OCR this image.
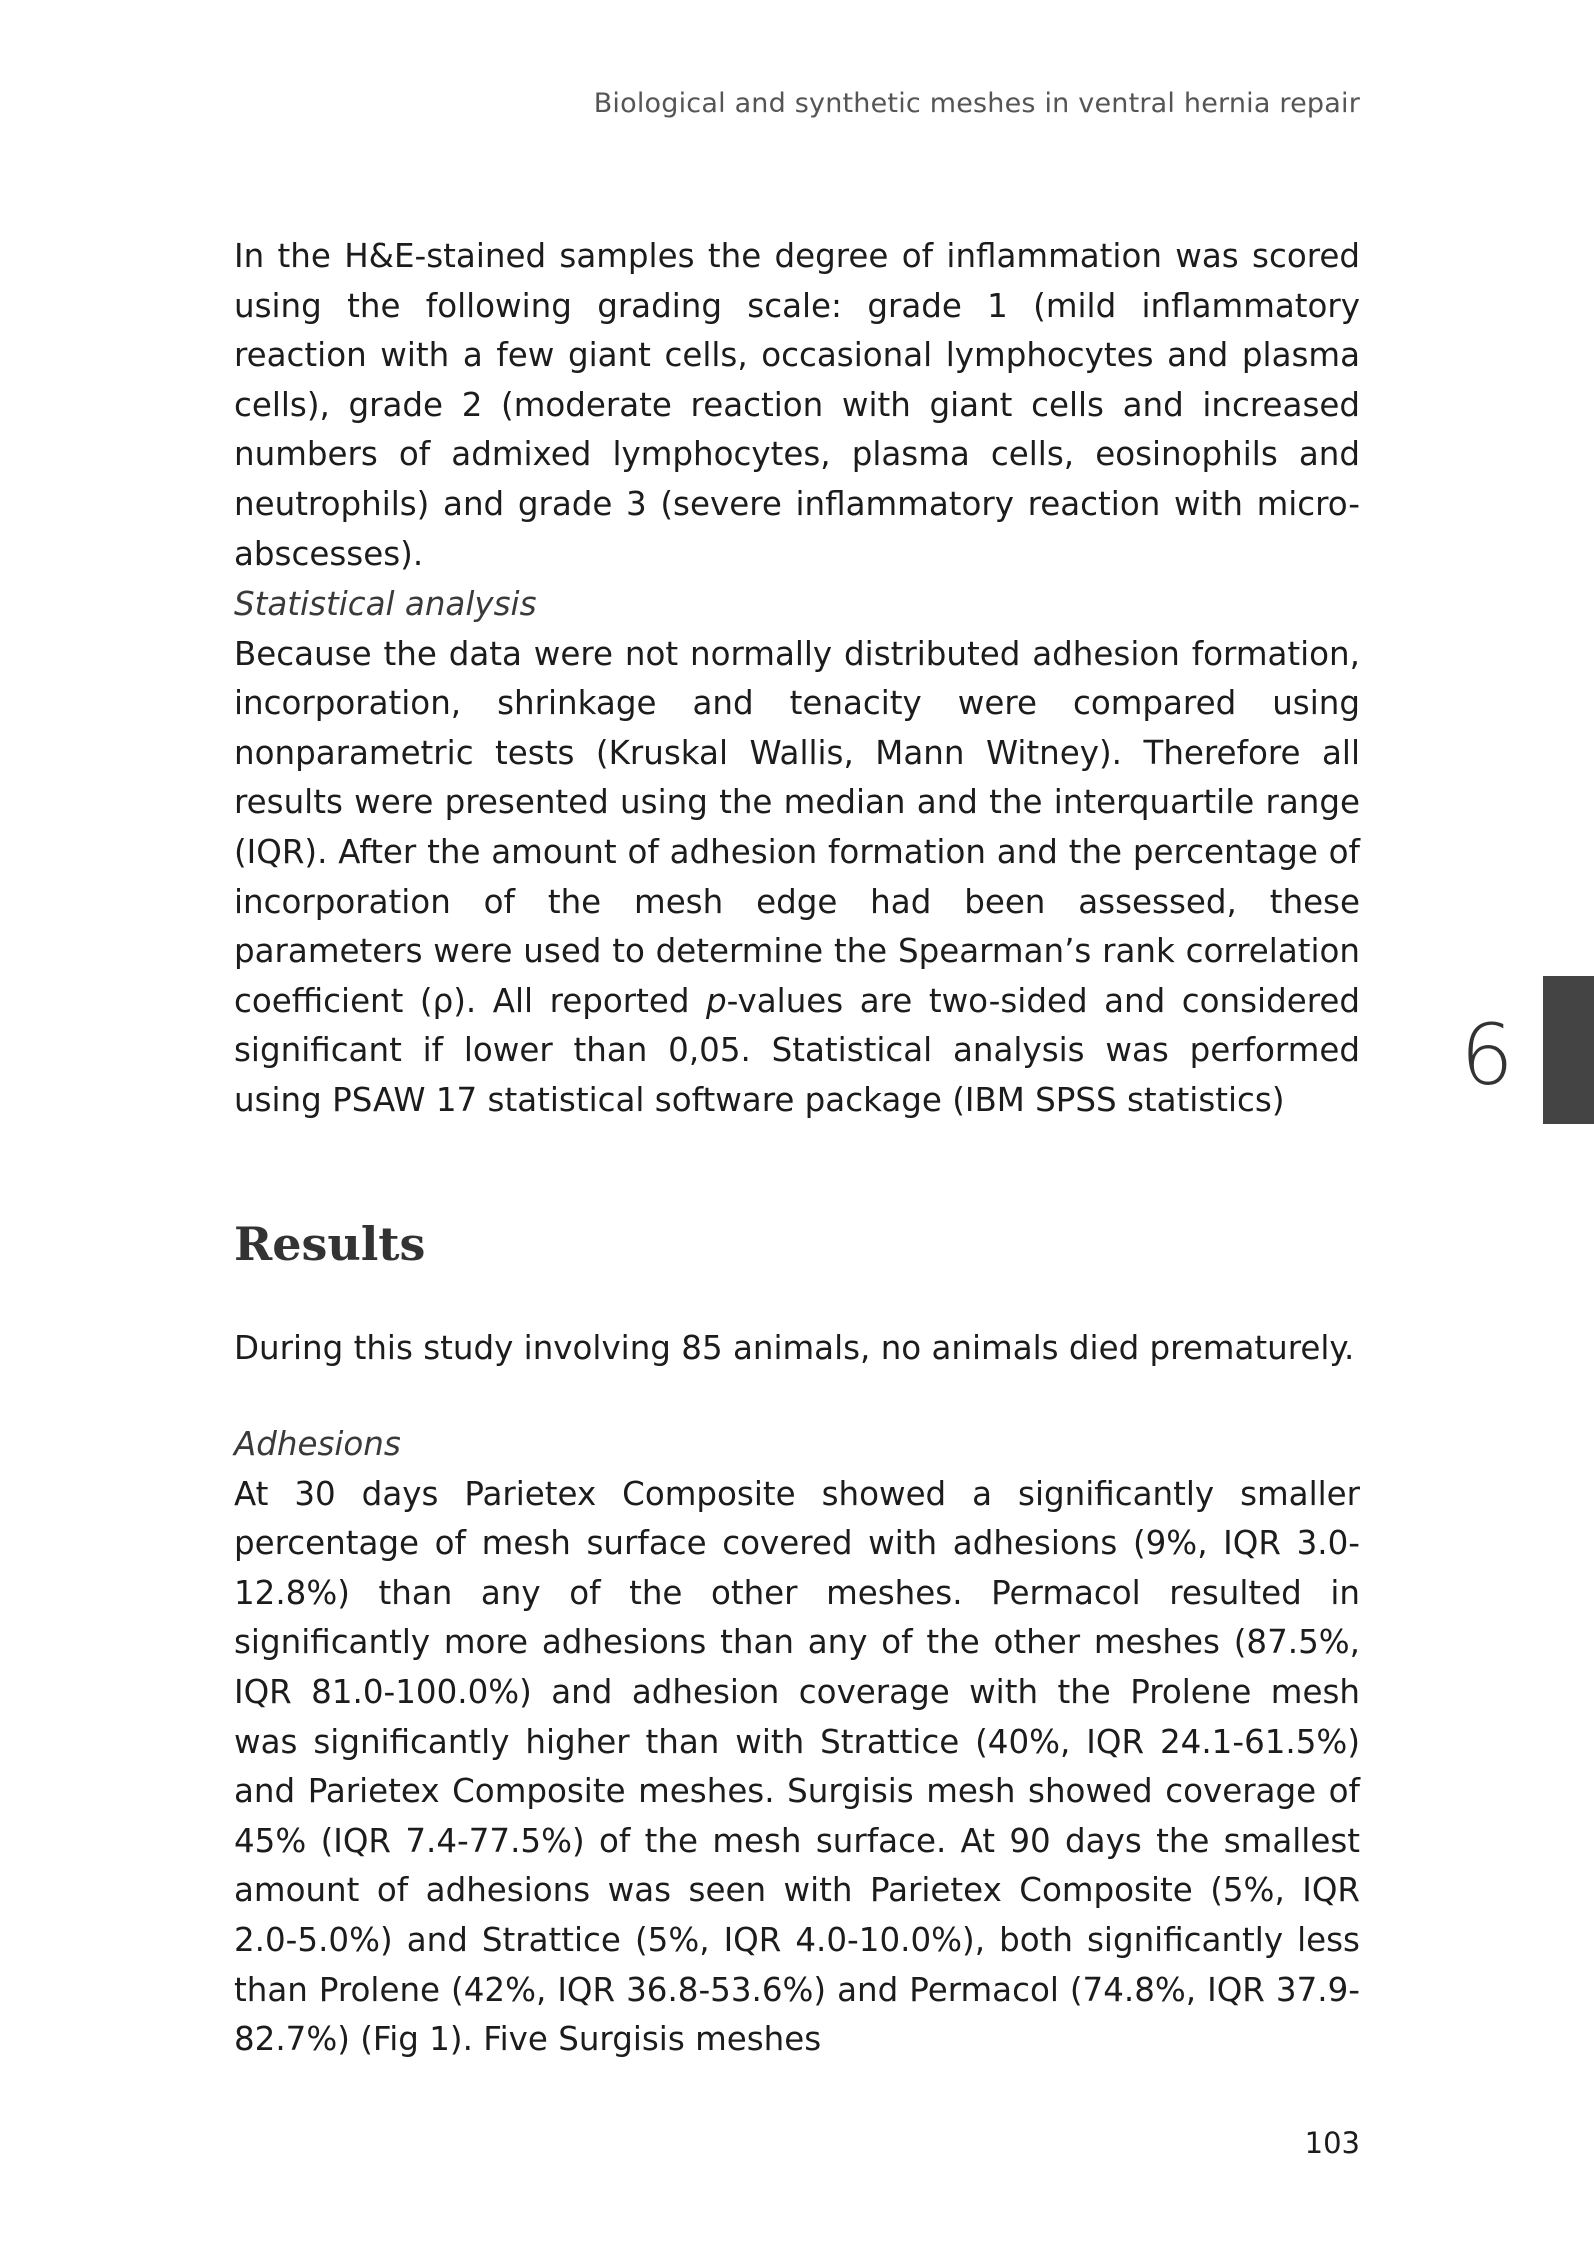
Biological and synthetic meshes in ventral hernia repair

In the H&E-stained samples the degree of inflammation was scored using the following grading scale: grade 1 (mild inflammatory reaction with a few giant cells, occasional lymphocytes and plasma cells), grade 2 (moderate reaction with giant cells and increased numbers of admixed lymphocytes, plasma cells, eosinophils and neutrophils) and grade 3 (severe inflammatory reaction with micro-abscesses).

Statistical analysis

Because the data were not normally distributed adhesion formation, incorporation, shrinkage and tenacity were compared using nonparametric tests (Kruskal Wallis, Mann Witney). Therefore all results were presented using the median and the interquartile range (IQR). After the amount of adhesion formation and the percentage of incorporation of the mesh edge had been assessed, these parameters were used to determine the Spearman’s rank correlation coefficient (ρ). All reported p-values are two-sided and considered significant if lower than 0,05. Statistical analysis was performed using PSAW 17 statistical software package (IBM SPSS statistics)

Results

During this study involving 85 animals, no animals died prematurely.

Adhesions

At 30 days Parietex Composite showed a significantly smaller percentage of mesh surface covered with adhesions (9%, IQR 3.0-12.8%) than any of the other meshes. Permacol resulted in significantly more adhesions than any of the other meshes (87.5%, IQR 81.0-100.0%) and adhesion coverage with the Prolene mesh was significantly higher than with Strattice (40%, IQR 24.1-61.5%) and Parietex Composite meshes. Surgisis mesh showed coverage of 45% (IQR 7.4-77.5%) of the mesh surface. At 90 days the smallest amount of adhesions was seen with Parietex Composite (5%, IQR 2.0-5.0%) and Strattice (5%, IQR 4.0-10.0%), both significantly less than Prolene (42%, IQR 36.8-53.6%) and Permacol (74.8%, IQR 37.9-82.7%) (Fig 1). Five Surgisis meshes

6
103
